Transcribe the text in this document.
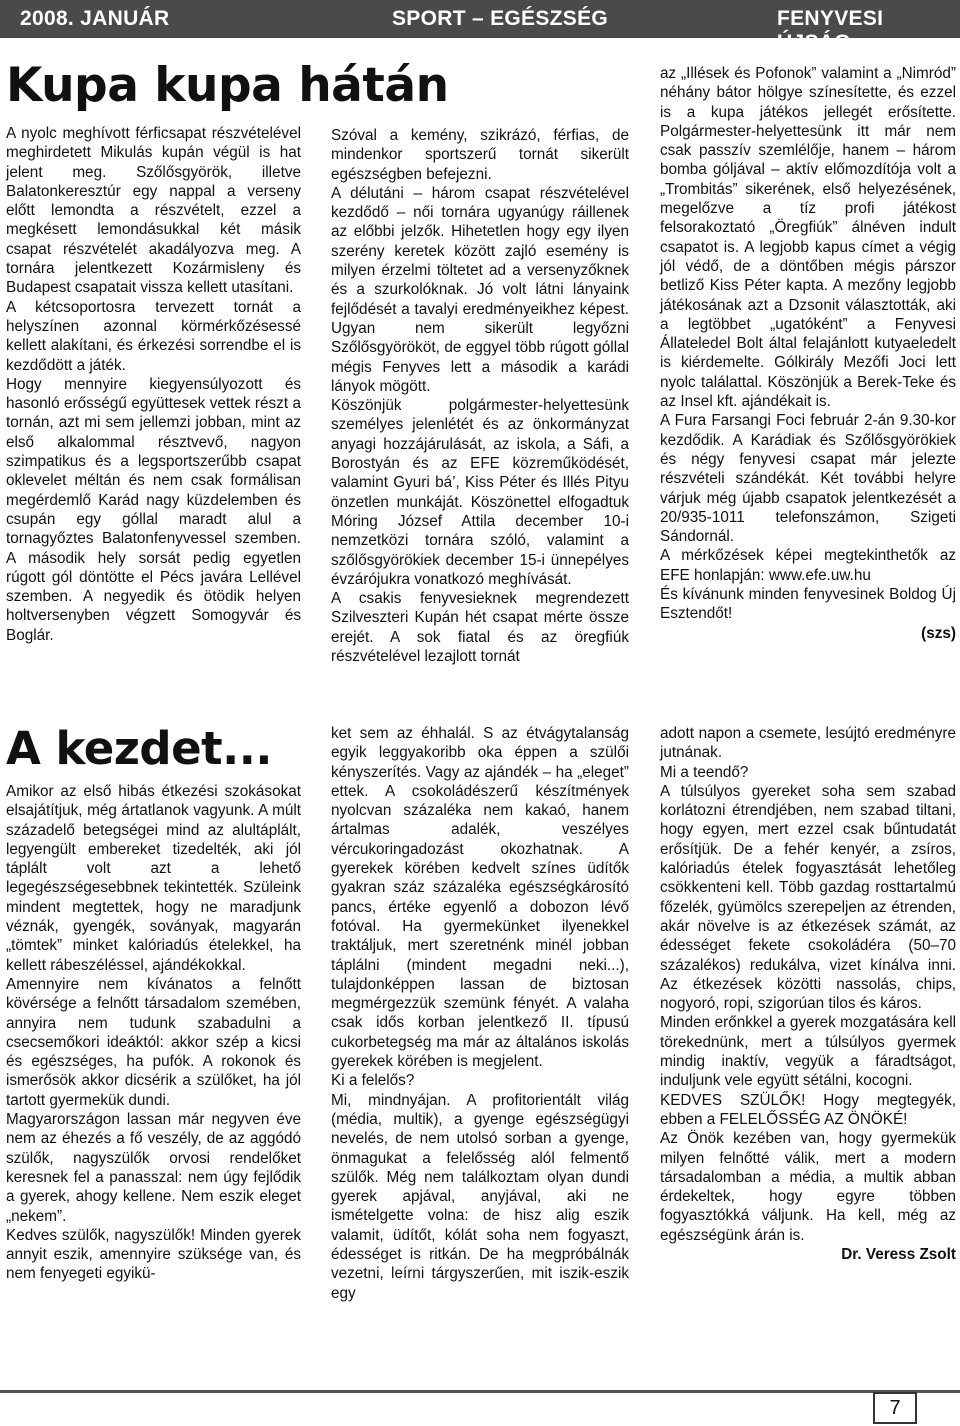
2008. JANUÁR	SPORT – EGÉSZSÉG	FENYVESI ÚJSÁG
Kupa kupa hátán

A nyolc meghívott férficsapat részvételével meghirdetett Mikulás kupán végül is hat jelent meg. Szőlősgyörök, illetve Balatonkeresztúr egy nappal a verseny előtt lemondta a részvételt, ezzel a megkésett lemondásukkal két másik csapat részvételét akadályozva meg. A tornára jelentkezett Kozármisleny és Budapest csapatait vissza kellett utasítani.

A kétcsoportosra tervezett tornát a helyszínen azonnal körmérkőzésessé kellett alakítani, és érkezési sorrendbe el is kezdődött a játék.

Hogy mennyire kiegyensúlyozott és hasonló erősségű együttesek vettek részt a tornán, azt mi sem jellemzi jobban, mint az első alkalommal résztvevő, nagyon szimpatikus és a legsportszerűbb csapat oklevelet méltán és nem csak formálisan megérdemlő Karád nagy küzdelemben és csupán egy góllal maradt alul a tornagyőztes Balatonfenyvessel szemben. A második hely sorsát pedig egyetlen rúgott gól döntötte el Pécs javára Lellével szemben. A negyedik és ötödik helyen holtversenyben végzett Somogyvár és Boglár.

Szóval a kemény, szikrázó, férfias, de mindenkor sportszerű tornát sikerült egészségben befejezni.

A délutáni – három csapat részvételével kezdődő – női tornára ugyanúgy ráillenek az előbbi jelzők. Hihetetlen hogy egy ilyen szerény keretek között zajló esemény is milyen érzelmi töltetet ad a versenyzőknek és a szurkolóknak. Jó volt látni lányaink fejlődését a tavalyi eredményeikhez képest. Ugyan nem sikerült legyőzni Szőlősgyörököt, de eggyel több rúgott góllal mégis Fenyves lett a második a karádi lányok mögött.

Köszönjük polgármester-helyettesünk személyes jelenlétét és az önkormányzat anyagi hozzájárulását, az iskola, a Sáfi, a Borostyán és az EFE közreműködését, valamint Gyuri bá’, Kiss Péter és Illés Pityu önzetlen munkáját. Köszönettel elfogadtuk Móring József Attila december 10-i nemzetközi tornára szóló, valamint a szőlősgyörökiek december 15-i ünnepélyes évzárójukra vonatkozó meghívását.

A csakis fenyvesieknek megrendezett Szilveszteri Kupán hét csapat mérte össze erejét. A sok fiatal és az öregfiúk részvételével lezajlott tornát

az „Illések és Pofonok” valamint a „Nimród” néhány bátor hölgye színesítette, és ezzel is a kupa játékos jellegét erősítette. Polgármester-helyettesünk itt már nem csak passzív szemlélője, hanem – három bomba góljával – aktív előmozdítója volt a „Trombitás” sikerének, első helyezésének, megelőzve a tíz profi játékost felsorakoztató „Öregfiúk” álnéven indult csapatot is. A legjobb kapus címet a végig jól védő, de a döntőben mégis párszor betliző Kiss Péter kapta. A mezőny legjobb játékosának azt a Dzsonit választották, aki a legtöbbet „ugatóként” a Fenyvesi Állateledel Bolt által felajánlott kutyaeledelt is kiérdemelte. Gólkirály Mezőfi Joci lett nyolc találattal. Köszönjük a Berek-Teke és az Insel kft. ajándékait is.

A Fura Farsangi Foci február 2-án 9.30-kor kezdődik. A Karádiak és Szőlősgyörökiek és négy fenyvesi csapat már jelezte részvételi szándékát. Két további helyre várjuk még újabb csapatok jelentkezését a 20/935-1011 telefonszámon, Szigeti Sándornál.

A mérkőzések képei megtekinthetők az EFE honlapján: www.efe.uw.hu

És kívánunk minden fenyvesinek Boldog Új Esztendőt!

(szs)

A kezdet...

Amikor az első hibás étkezési szokásokat elsajátítjuk, még ártatlanok vagyunk. A múlt századelő betegségei mind az alultáplált, legyengült embereket tizedelték, aki jól táplált volt azt a lehető legegészségesebbnek tekintették. Szüleink mindent megtettek, hogy ne maradjunk véznák, gyengék, soványak, magyarán „tömtek” minket kalóriadús ételekkel, ha kellett rábeszéléssel, ajándékokkal.

Amennyire nem kívánatos a felnőtt kövérsége a felnőtt társadalom szemében, annyira nem tudunk szabadulni a csecsemőkori ideáktól: akkor szép a kicsi és egészséges, ha pufók. A rokonok és ismerősök akkor dicsérik a szülőket, ha jól tartott gyermekük dundi.

Magyarországon lassan már negyven éve nem az éhezés a fő veszély, de az aggódó szülők, nagyszülők orvosi rendelőket keresnek fel a panasszal: nem úgy fejlődik a gyerek, ahogy kellene. Nem eszik eleget „nekem”.

Kedves szülők, nagyszülők! Minden gyerek annyit eszik, amennyire szüksége van, és nem fenyegeti egyikü-

ket sem az éhhalál. S az étvágytalanság egyik leggyakoribb oka éppen a szülői kényszerítés. Vagy az ajándék – ha „eleget” ettek. A csokoládészerű készítmények nyolcvan százaléka nem kakaó, hanem ártalmas adalék, veszélyes vércukoringadozást okozhatnak. A gyerekek körében kedvelt színes üdítők gyakran száz százaléka egészségkárosító pancs, értéke egyenlő a dobozon lévő fotóval. Ha gyermekünket ilyenekkel traktáljuk, mert szeretnénk minél jobban táplálni (mindent megadni neki...), tulajdonképpen lassan de biztosan megmérgezzük szemünk fényét. A valaha csak idős korban jelentkező II. típusú cukorbetegség ma már az általános iskolás gyerekek körében is megjelent.

Ki a felelős?

Mi, mindnyájan. A profitorientált világ (média, multik), a gyenge egészségügyi nevelés, de nem utolsó sorban a gyenge, önmagukat a felelősség alól felmentő szülők. Még nem találkoztam olyan dundi gyerek apjával, anyjával, aki ne ismételgette volna: de hisz alig eszik valamit, üdítőt, kólát soha nem fogyaszt, édességet is ritkán. De ha megpróbálnák vezetni, leírni tárgyszerűen, mit iszik-eszik egy

adott napon a csemete, lesújtó eredményre jutnának.

Mi a teendő?

A túlsúlyos gyereket soha sem szabad korlátozni étrendjében, nem szabad tiltani, hogy egyen, mert ezzel csak bűntudatát erősítjük. De a fehér kenyér, a zsíros, kalóriadús ételek fogyasztását lehetőleg csökkenteni kell. Több gazdag rosttartalmú főzelék, gyümölcs szerepeljen az étrenden, akár növelve is az étkezések számát, az édességet fekete csokoládéra (50–70 százalékos) redukálva, vizet kínálva inni. Az étkezések közötti nassolás, chips, nogyoró, ropi, szigorúan tilos és káros.

Minden erőnkkel a gyerek mozgatására kell törekednünk, mert a túlsúlyos gyermek mindig inaktív, vegyük a fáradtságot, induljunk vele együtt sétálni, kocogni.

KEDVES SZÜLŐK! Hogy megtegyék, ebben a FELELŐSSÉG AZ ÖNÖKÉ!

Az Önök kezében van, hogy gyermekük milyen felnőtté válik, mert a modern társadalomban a média, a multik abban érdekeltek, hogy egyre többen fogyasztókká váljunk. Ha kell, még az egészségünk árán is.

Dr. Veress Zsolt

7
